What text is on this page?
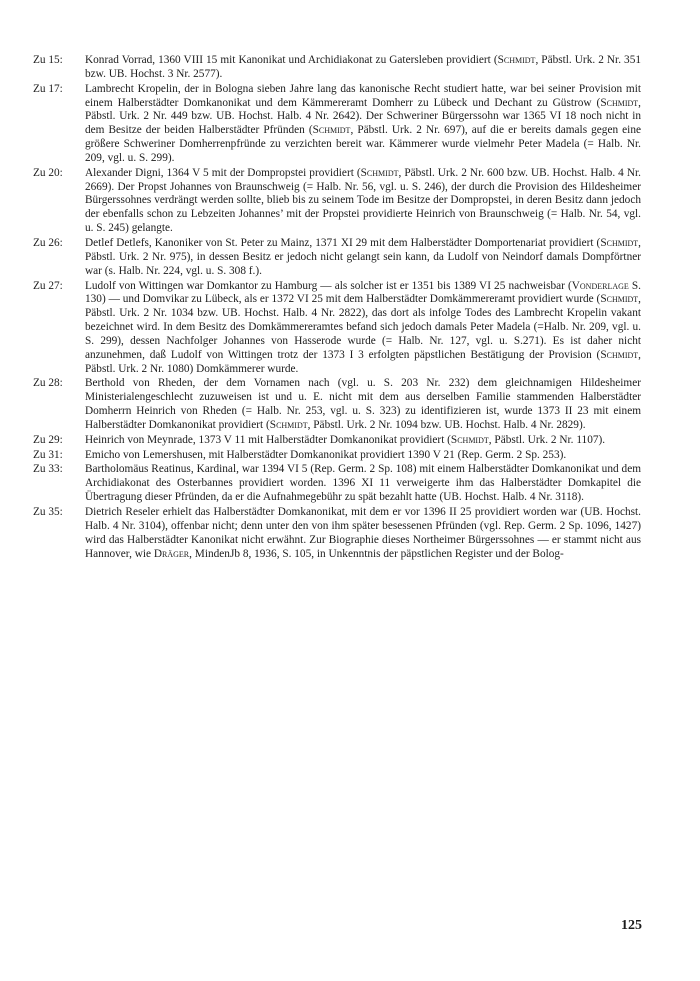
Zu 15:	Konrad Vorrad, 1360 VIII 15 mit Kanonikat und Archidiakonat zu Gatersleben providiert (Schmidt, Päbstl. Urk. 2 Nr. 351 bzw. UB. Hochst. 3 Nr. 2577).
Zu 17:	Lambrecht Kropelin, der in Bologna sieben Jahre lang das kanonische Recht studiert hatte, war bei seiner Provision mit einem Halberstädter Domkanonikat und dem Kämmereramt Domherr zu Lübeck und Dechant zu Güstrow (Schmidt, Päbstl. Urk. 2 Nr. 449 bzw. UB. Hochst. Halb. 4 Nr. 2642). Der Schweriner Bürgerssohn war 1365 VI 18 noch nicht in dem Besitze der beiden Halberstädter Pfründen (Schmidt, Päbstl. Urk. 2 Nr. 697), auf die er bereits damals gegen eine größere Schweriner Domherrenpfründe zu verzichten bereit war. Kämmerer wurde vielmehr Peter Madela (= Halb. Nr. 209, vgl. u. S. 299).
Zu 20:	Alexander Digni, 1364 V 5 mit der Dompropstei providiert (Schmidt, Päbstl. Urk. 2 Nr. 600 bzw. UB. Hochst. Halb. 4 Nr. 2669). Der Propst Johannes von Braunschweig (= Halb. Nr. 56, vgl. u. S. 246), der durch die Provision des Hildesheimer Bürgerssohnes verdrängt werden sollte, blieb bis zu seinem Tode im Besitze der Dompropstei, in deren Besitz dann jedoch der ebenfalls schon zu Lebzeiten Johannes’ mit der Propstei providierte Heinrich von Braunschweig (= Halb. Nr. 54, vgl. u. S. 245) gelangte.
Zu 26:	Detlef Detlefs, Kanoniker von St. Peter zu Mainz, 1371 XI 29 mit dem Halberstädter Domportenariat providiert (Schmidt, Päbstl. Urk. 2 Nr. 975), in dessen Besitz er jedoch nicht gelangt sein kann, da Ludolf von Neindorf damals Dompförtner war (s. Halb. Nr. 224, vgl. u. S. 308 f.).
Zu 27:	Ludolf von Wittingen war Domkantor zu Hamburg — als solcher ist er 1351 bis 1389 VI 25 nachweisbar (Vonderlage S. 130) — und Domvikar zu Lübeck, als er 1372 VI 25 mit dem Halberstädter Domkämmereramt providiert wurde (Schmidt, Päbstl. Urk. 2 Nr. 1034 bzw. UB. Hochst. Halb. 4 Nr. 2822), das dort als infolge Todes des Lambrecht Kropelin vakant bezeichnet wird. In dem Besitz des Domkämmereramtes befand sich jedoch damals Peter Madela (=Halb. Nr. 209, vgl. u. S. 299), dessen Nachfolger Johannes von Hasserode wurde (= Halb. Nr. 127, vgl. u. S.271). Es ist daher nicht anzunehmen, daß Ludolf von Wittingen trotz der 1373 I 3 erfolgten päpstlichen Bestätigung der Provision (Schmidt, Päbstl. Urk. 2 Nr. 1080) Domkämmerer wurde.
Zu 28:	Berthold von Rheden, der dem Vornamen nach (vgl. u. S. 203 Nr. 232) dem gleichnamigen Hildesheimer Ministerialengeschlecht zuzuweisen ist und u. E. nicht mit dem aus derselben Familie stammenden Halberstädter Domherrn Heinrich von Rheden (= Halb. Nr. 253, vgl. u. S. 323) zu identifizieren ist, wurde 1373 II 23 mit einem Halberstädter Domkanonikat providiert (Schmidt, Päbstl. Urk. 2 Nr. 1094 bzw. UB. Hochst. Halb. 4 Nr. 2829).
Zu 29:	Heinrich von Meynrade, 1373 V 11 mit Halberstädter Domkanonikat providiert (Schmidt, Päbstl. Urk. 2 Nr. 1107).
Zu 31:	Emicho von Lemershusen, mit Halberstädter Domkanonikat providiert 1390 V 21 (Rep. Germ. 2 Sp. 253).
Zu 33:	Bartholomäus Reatinus, Kardinal, war 1394 VI 5 (Rep. Germ. 2 Sp. 108) mit einem Halberstädter Domkanonikat und dem Archidiakonat des Osterbannes providiert worden. 1396 XI 11 verweigerte ihm das Halberstädter Domkapitel die Übertragung dieser Pfründen, da er die Aufnahmegebühr zu spät bezahlt hatte (UB. Hochst. Halb. 4 Nr. 3118).
Zu 35:	Dietrich Reseler erhielt das Halberstädter Domkanonikat, mit dem er vor 1396 II 25 providiert worden war (UB. Hochst. Halb. 4 Nr. 3104), offenbar nicht; denn unter den von ihm später besessenen Pfründen (vgl. Rep. Germ. 2 Sp. 1096, 1427) wird das Halberstädter Kanonikat nicht erwähnt. Zur Biographie dieses Northeimer Bürgerssohnes — er stammt nicht aus Hannover, wie Dräger, MindenJb 8, 1936, S. 105, in Unkenntnis der päpstlichen Register und der Bolog-
125
